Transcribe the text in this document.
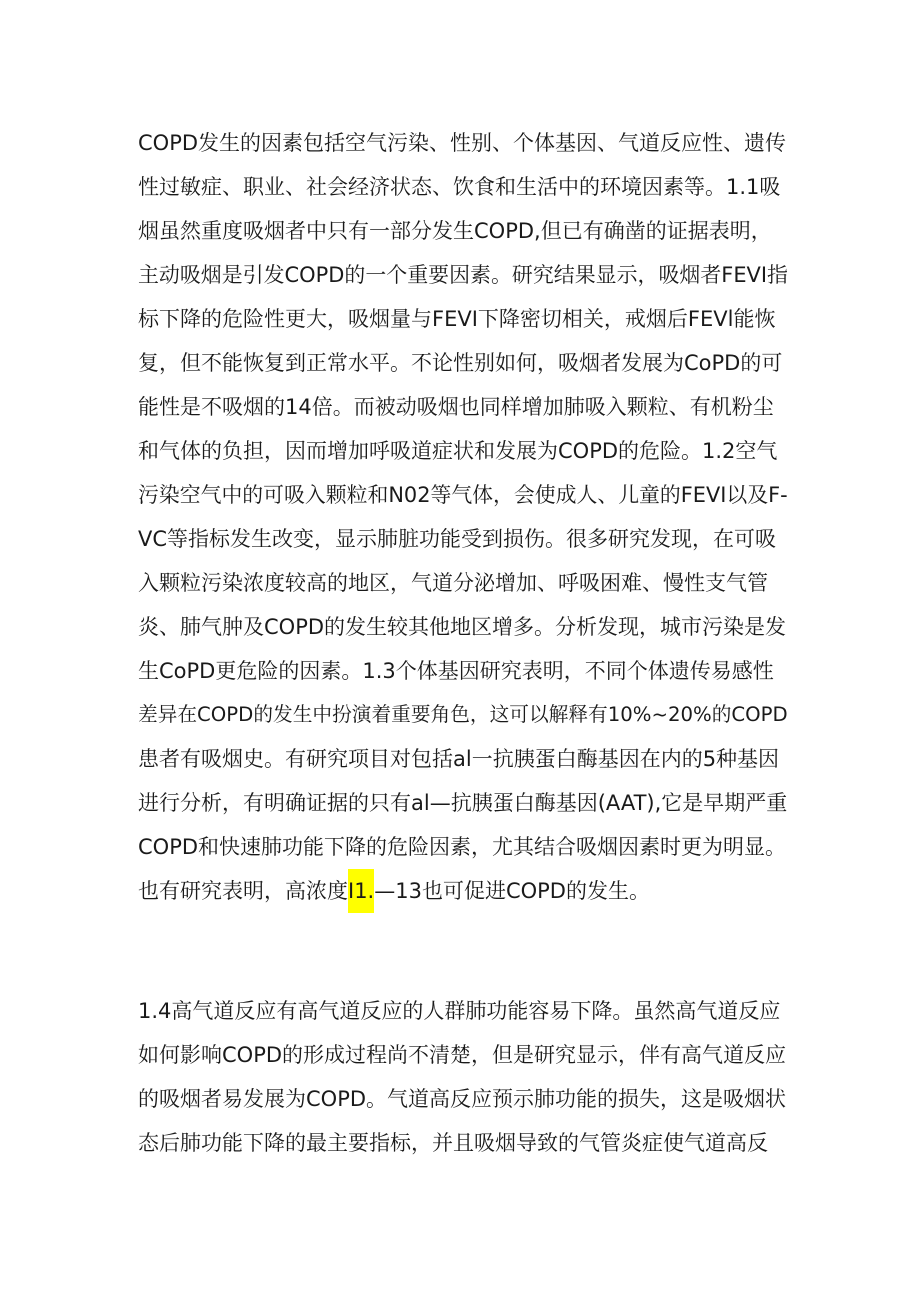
COPD发生的因素包括空气污染、性别、个体基因、气道反应性、遗传
性过敏症、职业、社会经济状态、饮食和生活中的环境因素等。1.1吸
烟虽然重度吸烟者中只有一部分发生COPD,但已有确凿的证据表明，
主动吸烟是引发COPD的一个重要因素。研究结果显示，吸烟者FEVI指
标下降的危险性更大，吸烟量与FEVI下降密切相关，戒烟后FEVl能恢
复，但不能恢复到正常水平。不论性别如何，吸烟者发展为CoPD的可
能性是不吸烟的14倍。而被动吸烟也同样增加肺吸入颗粒、有机粉尘
和气体的负担，因而增加呼吸道症状和发展为COPD的危险。1.2空气
污染空气中的可吸入颗粒和N02等气体，会使成人、儿童的FEVI以及F-
VC等指标发生改变，显示肺脏功能受到损伤。很多研究发现，在可吸
入颗粒污染浓度较高的地区，气道分泌增加、呼吸困难、慢性支气管
炎、肺气肿及COPD的发生较其他地区增多。分析发现，城市污染是发
生CoPD更危险的因素。1.3个体基因研究表明，不同个体遗传易感性
差异在COPD的发生中扮演着重要角色，这可以解释有10%~20%的COPD
患者有吸烟史。有研究项目对包括al一抗胰蛋白酶基因在内的5种基因
进行分析，有明确证据的只有al—抗胰蛋白酶基因(AAT),它是早期严重
COPD和快速肺功能下降的危险因素，尤其结合吸烟因素时更为明显。
也有研究表明，高浓度I1.—13也可促进COPD的发生。
1.4高气道反应有高气道反应的人群肺功能容易下降。虽然高气道反应
如何影响COPD的形成过程尚不清楚，但是研究显示，伴有高气道反应
的吸烟者易发展为COPD。气道高反应预示肺功能的损失，这是吸烟状
态后肺功能下降的最主要指标，并且吸烟导致的气管炎症使气道高反
